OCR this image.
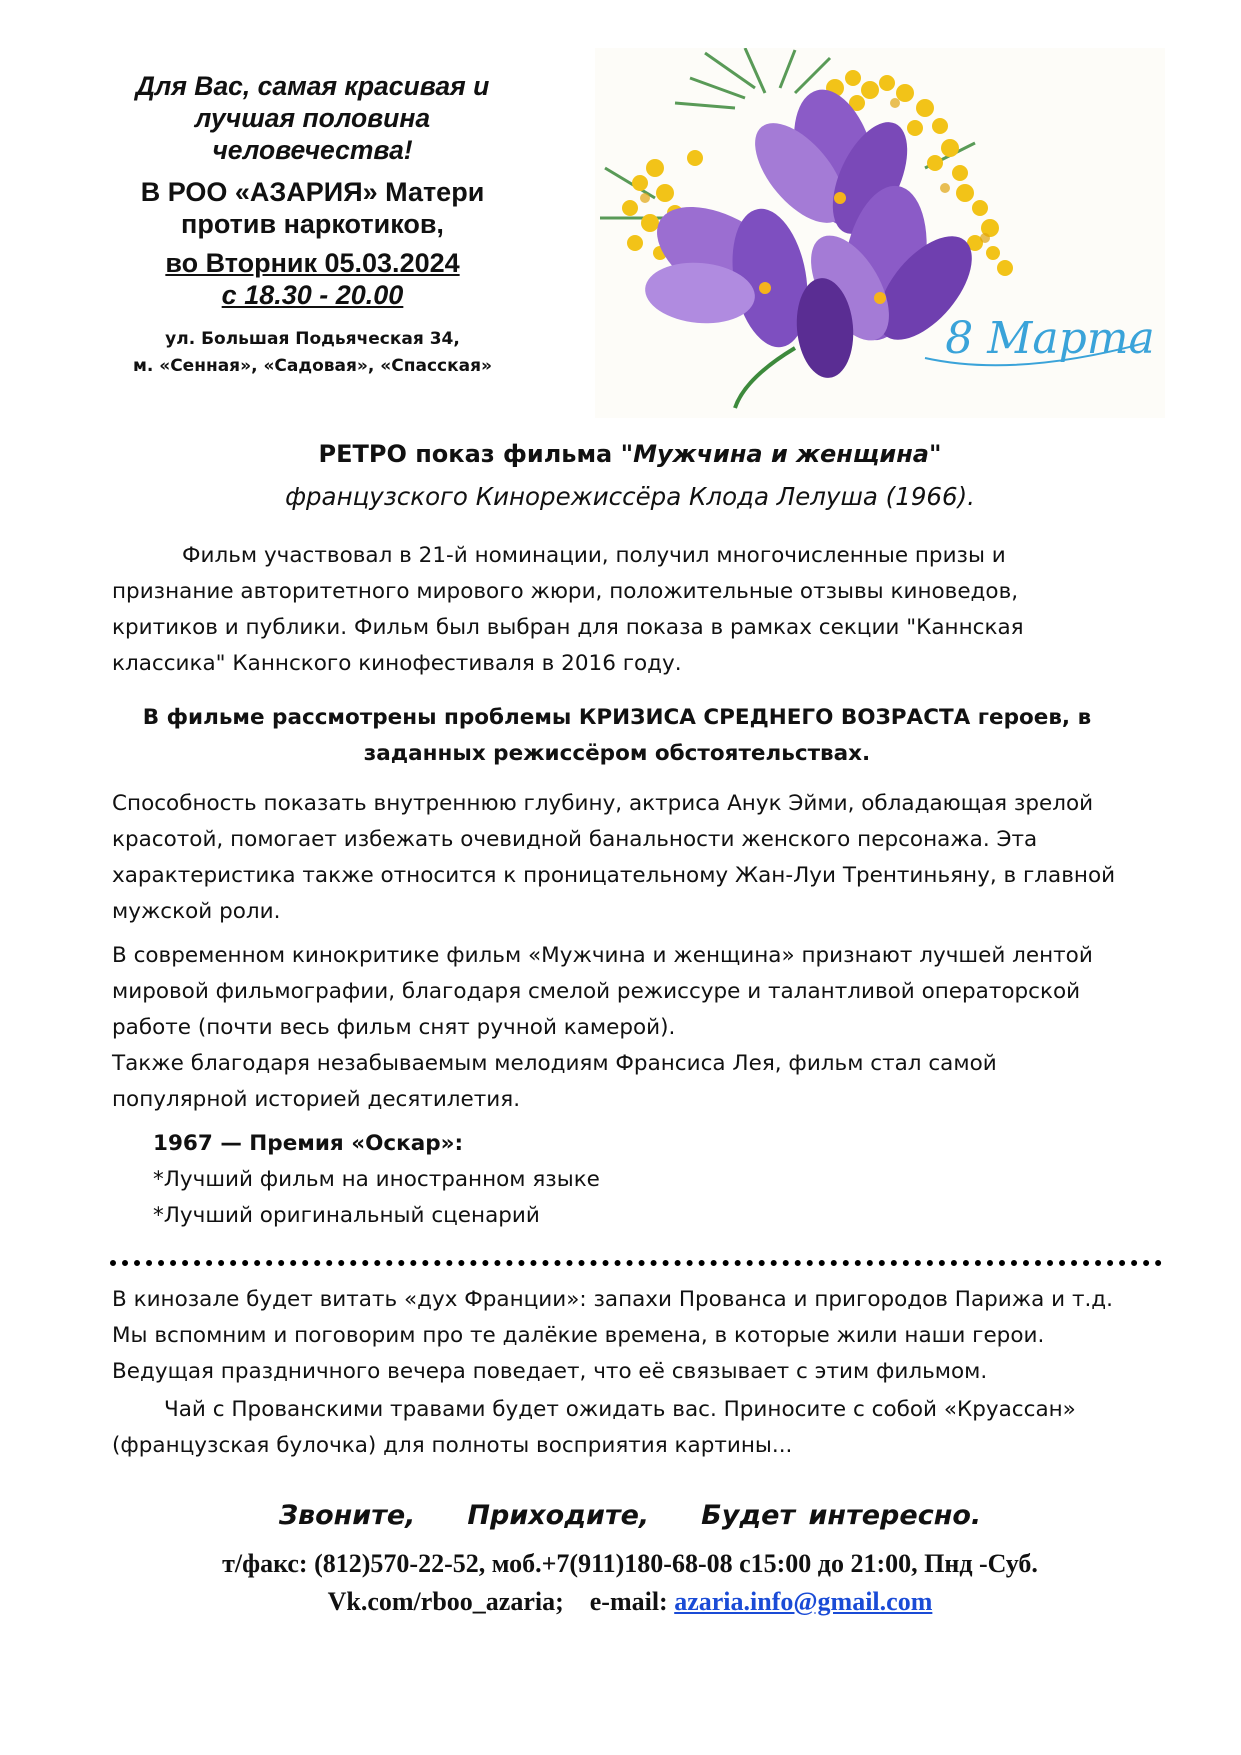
Для Вас, самая красивая и лучшая половина человечества!
В РОО «АЗАРИЯ» Матери против наркотиков,
во Вторник 05.03.2024
с 18.30 - 20.00
ул. Большая Подьяческая 34,
м. «Сенная», «Садовая», «Спасская»
8 Марта
РЕТРО показ фильма "Мужчина и женщина"
французского Кинорежиссёра Клода Лелуша (1966).
Фильм участвовал в 21-й номинации, получил многочисленные призы и признание авторитетного мирового жюри, положительные отзывы киноведов, критиков и публики. Фильм был выбран для показа в рамках секции "Каннская классика" Каннского кинофестиваля в 2016 году.
В фильме рассмотрены проблемы КРИЗИСА СРЕДНЕГО ВОЗРАСТА героев, в заданных режиссёром обстоятельствах.
Способность показать внутреннюю глубину, актриса Анук Эйми, обладающая зрелой красотой, помогает избежать очевидной банальности женского персонажа. Эта характеристика также относится к проницательному Жан-Луи Трентиньяну, в главной мужской роли.
В современном кинокритике фильм «Мужчина и женщина» признают лучшей лентой мировой фильмографии, благодаря смелой режиссуре и талантливой операторской работе (почти весь фильм снят ручной камерой).
Также благодаря незабываемым мелодиям Франсиса Лея, фильм стал самой популярной историей десятилетия.
1967 — Премия «Оскар»:
*Лучший фильм на иностранном языке
*Лучший оригинальный сценарий
В кинозале будет витать «дух Франции»: запахи Прованса и пригородов Парижа и т.д. Мы вспомним и поговорим про те далёкие времена, в которые жили наши герои. Ведущая праздничного вечера поведает, что её связывает с этим фильмом.
Чай с Прованскими травами будет ожидать вас. Приносите с собой «Круассан» (французская булочка) для полноты восприятия картины...
Звоните, Приходите, Будет интересно.
т/факс: (812)570-22-52, моб.+7(911)180-68-08 с15:00 до 21:00, Пнд -Суб.
Vk.com/rboo_azaria; e-mail: azaria.info@gmail.com
